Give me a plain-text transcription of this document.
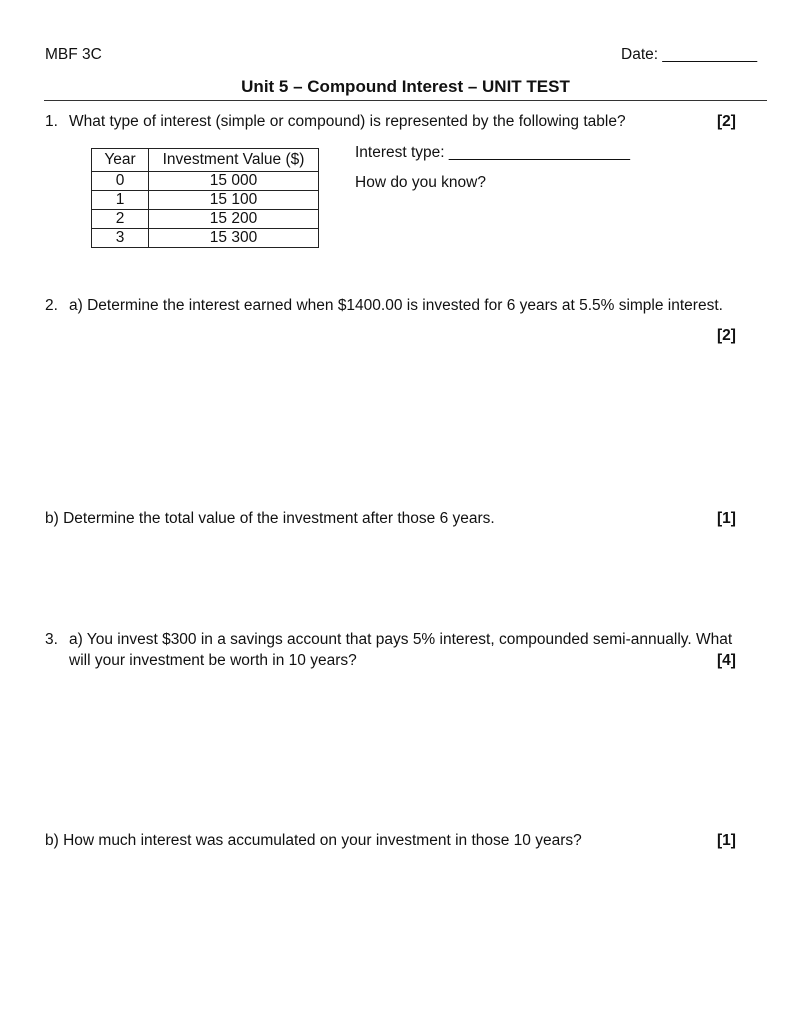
MBF 3C	Date: ___________
Unit 5 – Compound Interest – UNIT TEST
1. What type of interest (simple or compound) is represented by the following table?	[2]
Year	Investment Value ($)
0	15 000
1	15 100
2	15 200
3	15 300
Interest type: _____________________
How do you know?
2. a) Determine the interest earned when $1400.00 is invested for 6 years at 5.5% simple interest.
[2]
b) Determine the total value of the investment after those 6 years.	[1]
3. a) You invest $300 in a savings account that pays 5% interest, compounded semi-annually. What
will your investment be worth in 10 years?	[4]
b) How much interest was accumulated on your investment in those 10 years?	[1]
